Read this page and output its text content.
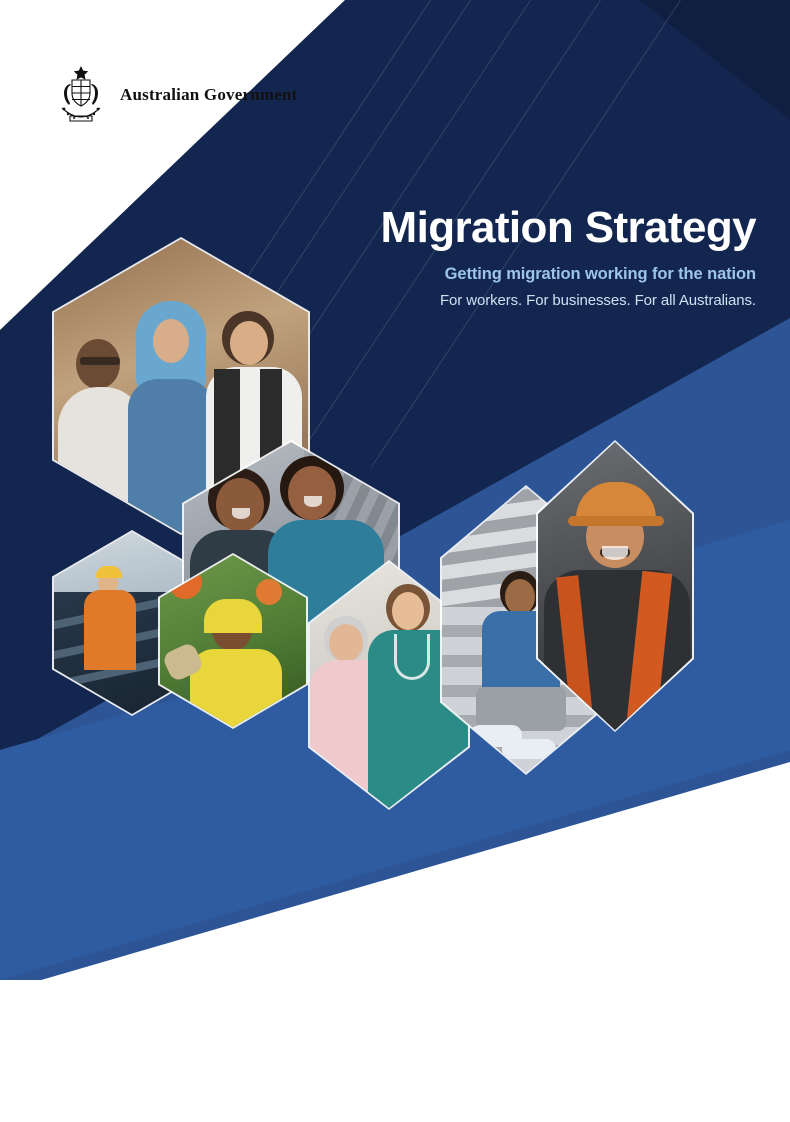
Australian Government
Migration Strategy
Getting migration working for the nation
For workers. For businesses. For all Australians.
